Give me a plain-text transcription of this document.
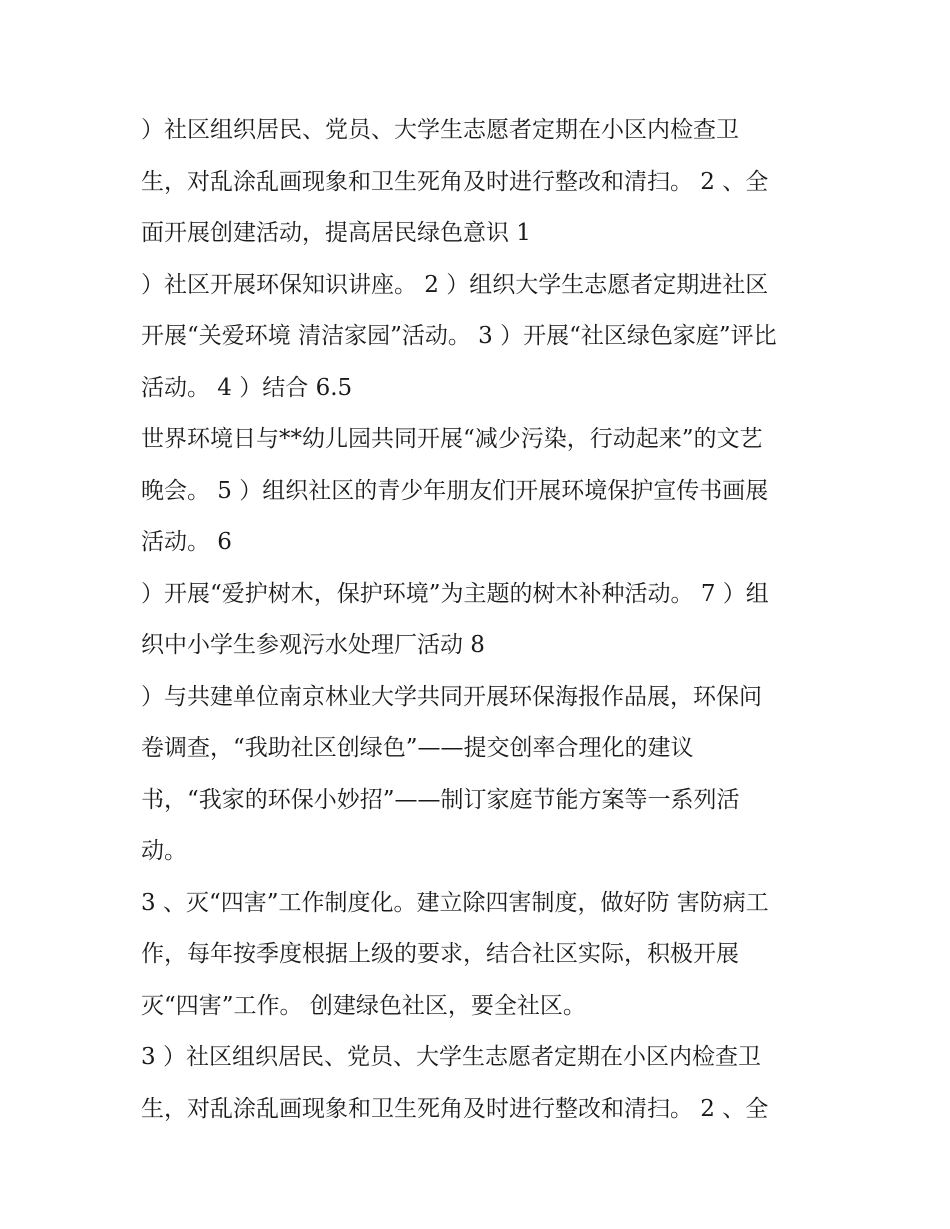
）社区组织居民、党员、大学生志愿者定期在小区内检查卫
生，对乱涂乱画现象和卫生死角及时进行整改和清扫。 2 、全
面开展创建活动，提高居民绿色意识 1
）社区开展环保知识讲座。 2 ）组织大学生志愿者定期进社区
开展“关爱环境 清洁家园”活动。 3 ）开展“社区绿色家庭”评比
活动。 4 ）结合 6.5
世界环境日与**幼儿园共同开展“减少污染，行动起来”的文艺
晚会。 5 ）组织社区的青少年朋友们开展环境保护宣传书画展
活动。 6
）开展“爱护树木，保护环境”为主题的树木补种活动。 7 ）组
织中小学生参观污水处理厂活动 8
）与共建单位南京林业大学共同开展环保海报作品展，环保问
卷调查，“我助社区创绿色”——提交创率合理化的建议
书，“我家的环保小妙招”——制订家庭节能方案等一系列活
动。
3 、灭“四害”工作制度化。建立除四害制度，做好防 害防病工
作，每年按季度根据上级的要求，结合社区实际，积极开展
灭“四害”工作。 创建绿色社区，要全社区。
3 ）社区组织居民、党员、大学生志愿者定期在小区内检查卫
生，对乱涂乱画现象和卫生死角及时进行整改和清扫。 2 、全
